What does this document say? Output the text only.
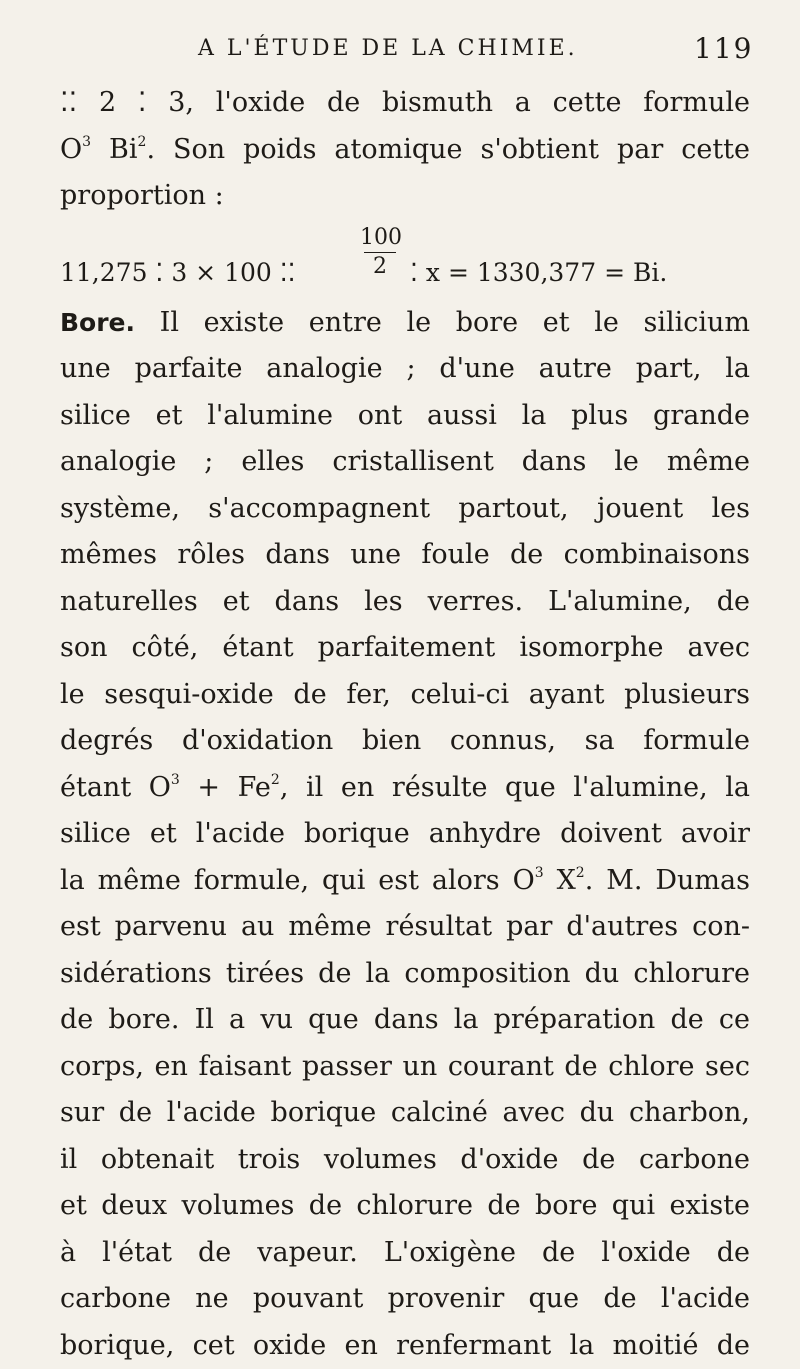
A L'ÉTUDE DE LA CHIMIE.	119
⁚⁚ 2 ⁚ 3, l'oxide de bismuth a cette formule
$O^3$ Bi$^2$. Son poids atomique s'obtient par cette
proportion :
11,275 ⁚ 3 × 100 ⁚⁚
100
2 ⁚ x = 1330,377 = Bi.
Bore. Il existe entre le bore et le silicium
une parfaite analogie ; d'une autre part, la
silice et l'alumine ont aussi la plus grande
analogie ; elles cristallisent dans le même
système, s'accompagnent partout, jouent les
mêmes rôles dans une foule de combinaisons
naturelles et dans les verres. L'alumine, de
son côté, étant parfaitement isomorphe avec
le sesqui-oxide de fer, celui-ci ayant plusieurs
degrés d'oxidation bien connus, sa formule
étant $O^3 + Fe^2$, il en résulte que l'alumine, la
silice et l'acide borique anhydre doivent avoir
la même formule, qui est alors $O^3$ $X^2$. M. Dumas
est parvenu au même résultat par d'autres con-
sidérations tirées de la composition du chlorure
de bore. Il a vu que dans la préparation de ce
corps, en faisant passer un courant de chlore sec
sur de l'acide borique calciné avec du charbon,
il obtenait trois volumes d'oxide de carbone
et deux volumes de chlorure de bore qui existe
à l'état de vapeur. L'oxigène de l'oxide de
carbone ne pouvant provenir que de l'acide
borique, cet oxide en renfermant la moitié de
